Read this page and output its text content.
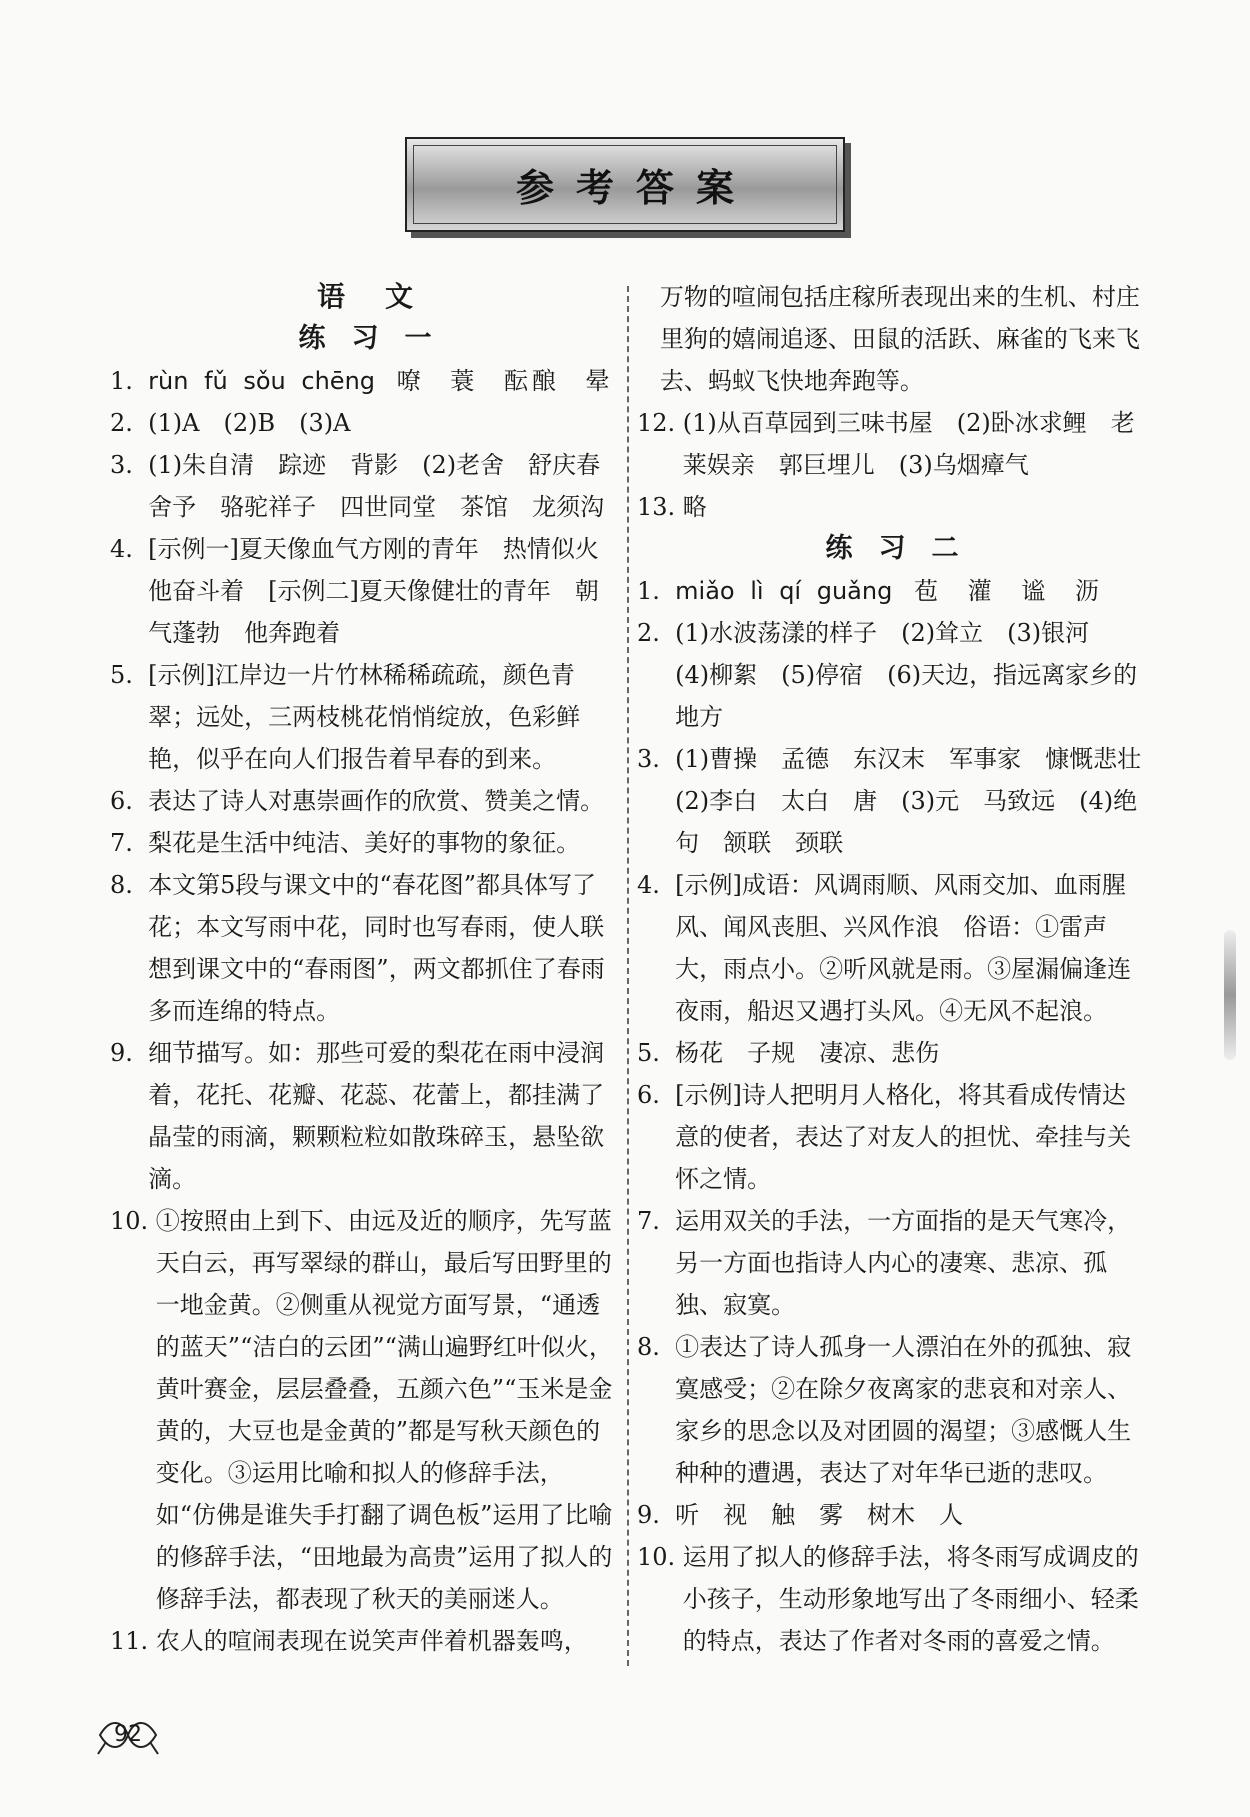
参考答案
语文
练习一
1. rùn fǔ sǒu chēng 嘹 蓑 酝酿 晕
2. (1)A　(2)B　(3)A
3. (1)朱自清　踪迹　背影　(2)老舍　舒庆春　舍予　骆驼祥子　四世同堂　茶馆　龙须沟
4. [示例一]夏天像血气方刚的青年　热情似火　他奋斗着　[示例二]夏天像健壮的青年　朝气蓬勃　他奔跑着
5. [示例]江岸边一片竹林稀稀疏疏，颜色青翠；远处，三两枝桃花悄悄绽放，色彩鲜艳，似乎在向人们报告着早春的到来。
6. 表达了诗人对惠崇画作的欣赏、赞美之情。
7. 梨花是生活中纯洁、美好的事物的象征。
8. 本文第5段与课文中的“春花图”都具体写了花；本文写雨中花，同时也写春雨，使人联想到课文中的“春雨图”，两文都抓住了春雨多而连绵的特点。
9. 细节描写。如：那些可爱的梨花在雨中浸润着，花托、花瓣、花蕊、花蕾上，都挂满了晶莹的雨滴，颗颗粒粒如散珠碎玉，悬坠欲滴。
10. ①按照由上到下、由远及近的顺序，先写蓝天白云，再写翠绿的群山，最后写田野里的一地金黄。②侧重从视觉方面写景，“通透的蓝天”“洁白的云团”“满山遍野红叶似火，黄叶赛金，层层叠叠，五颜六色”“玉米是金黄的，大豆也是金黄的”都是写秋天颜色的变化。③运用比喻和拟人的修辞手法，如“仿佛是谁失手打翻了调色板”运用了比喻的修辞手法，“田地最为高贵”运用了拟人的修辞手法，都表现了秋天的美丽迷人。
11. 农人的喧闹表现在说笑声伴着机器轰鸣，

万物的喧闹包括庄稼所表现出来的生机、村庄里狗的嬉闹追逐、田鼠的活跃、麻雀的飞来飞去、蚂蚁飞快地奔跑等。
12. (1)从百草园到三味书屋　(2)卧冰求鲤　老莱娱亲　郭巨埋儿　(3)乌烟瘴气
13. 略
练习二
1. miǎo lì qí guǎng 苞 灌 谧 沥
2. (1)水波荡漾的样子　(2)耸立　(3)银河　(4)柳絮　(5)停宿　(6)天边，指远离家乡的地方
3. (1)曹操　孟德　东汉末　军事家　慷慨悲壮　(2)李白　太白　唐　(3)元　马致远　(4)绝句　颔联　颈联
4. [示例]成语：风调雨顺、风雨交加、血雨腥风、闻风丧胆、兴风作浪　俗语：①雷声大，雨点小。②听风就是雨。③屋漏偏逢连夜雨，船迟又遇打头风。④无风不起浪。
5. 杨花　子规　凄凉、悲伤
6. [示例]诗人把明月人格化，将其看成传情达意的使者，表达了对友人的担忧、牵挂与关怀之情。
7. 运用双关的手法，一方面指的是天气寒冷，另一方面也指诗人内心的凄寒、悲凉、孤独、寂寞。
8. ①表达了诗人孤身一人漂泊在外的孤独、寂寞感受；②在除夕夜离家的悲哀和对亲人、家乡的思念以及对团圆的渴望；③感慨人生种种的遭遇，表达了对年华已逝的悲叹。
9. 听　视　触　雾　树木　人
10. 运用了拟人的修辞手法，将冬雨写成调皮的小孩子，生动形象地写出了冬雨细小、轻柔的特点，表达了作者对冬雨的喜爱之情。
92
